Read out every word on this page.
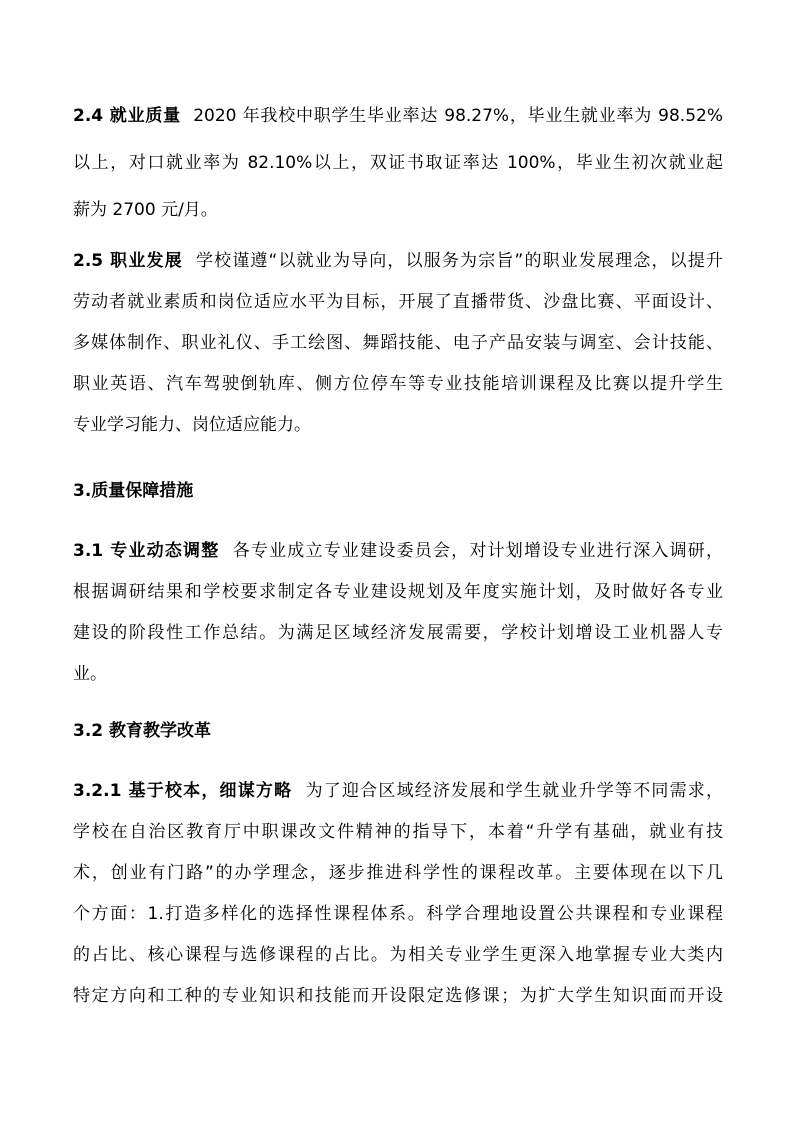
2.4 就业质量 2020 年我校中职学生毕业率达 98.27%，毕业生就业率为 98.52%
以上，对口就业率为 82.10%以上，双证书取证率达 100%，毕业生初次就业起
薪为 2700 元/月。
2.5 职业发展 学校谨遵“以就业为导向，以服务为宗旨”的职业发展理念，以提升
劳动者就业素质和岗位适应水平为目标，开展了直播带货、沙盘比赛、平面设计、
多媒体制作、职业礼仪、手工绘图、舞蹈技能、电子产品安装与调室、会计技能、
职业英语、汽车驾驶倒轨库、侧方位停车等专业技能培训课程及比赛以提升学生
专业学习能力、岗位适应能力。
3.质量保障措施
3.1 专业动态调整 各专业成立专业建设委员会，对计划增设专业进行深入调研，
根据调研结果和学校要求制定各专业建设规划及年度实施计划，及时做好各专业
建设的阶段性工作总结。为满足区域经济发展需要，学校计划增设工业机器人专
业。
3.2 教育教学改革
3.2.1 基于校本，细谋方略 为了迎合区域经济发展和学生就业升学等不同需求，
学校在自治区教育厅中职课改文件精神的指导下，本着“升学有基础，就业有技
术，创业有门路”的办学理念，逐步推进科学性的课程改革。主要体现在以下几
个方面：1.打造多样化的选择性课程体系。科学合理地设置公共课程和专业课程
的占比、核心课程与选修课程的占比。为相关专业学生更深入地掌握专业大类内
特定方向和工种的专业知识和技能而开设限定选修课；为扩大学生知识面而开设
